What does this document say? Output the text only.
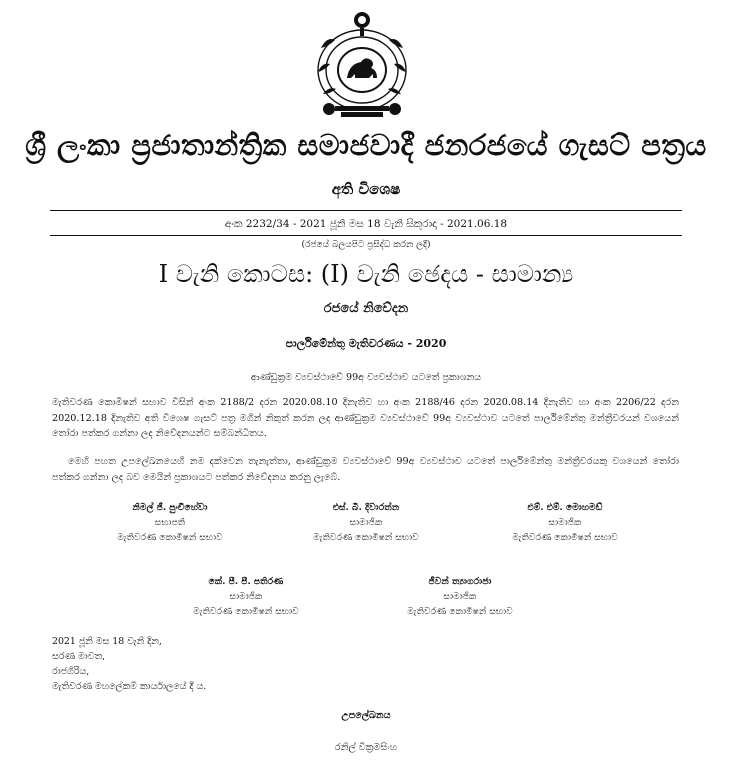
ශ්‍රී ලංකා ප්‍රජාතාන්ත්‍රික සමාජවාදී ජනරජයේ ගැසට් පත්‍රය
අති විශෙෂ
අංක 2232/34 - 2021 ජූනි මස 18 වැනි සිකුරාදා - 2021.06.18
(රජයේ බලයපිට ප්‍රසිද්ධ කරන ලදී)
I වැනි කොටස: (I) වැනි ඡෙදය - සාමාන්‍ය
රජයේ නිවේදන
පාර්ලිමේන්තු මැතිවරණය - 2020
ආණ්ඩුක්‍රම ව්‍යවස්ථාවේ 99අ ව්‍යවස්ථාව යටතේ ප්‍රකාශනය
මැතිවරණ කොමිෂන් සභාව විසින් අංක 2188/2 දරන 2020.08.10 දිනැතිව හා අංක 2188/46 දරන 2020.08.14 දිනැතිව හා අංක 2206/22 දරන 2020.12.18 දිනැතිව අති විශෙෂ ගැසට් පත්‍ර මගින් නිකුත් කරන ලද ආණ්ඩුක්‍රම ව්‍යවස්ථාවේ 99අ ව්‍යවස්ථාව යටතේ පාර්ලිමේන්තු මන්ත්‍රීවරයන් වශයෙන් තෝරා පත්කර ගන්නා ලද නිවේදනයන්ට සම්බන්ධිතය.
මෙහි පහත උපලේඛනයෙහි නම දක්වෙන තැනැත්තා, ආණ්ඩුක්‍රම ව්‍යවස්ථාවේ 99අ ව්‍යවස්ථාව යටතේ පාර්ලිමේන්තු මන්ත්‍රීවරයකු වශයෙන් තෝරා පත්කර ගන්නා ලද බව මෙයින් ප්‍රකාශයට පත්කර නිවේදනය කරනු ලැබේ.
නිමල් ජී. පුංචිහේවා
සභාපති
මැතිවරණ කොමිෂන් සභාව
එස්. බී. දිවාරත්න
සාමාජික
මැතිවරණ කොමිෂන් සභාව
එම්. එම්. මොහමඩ්
සාමාජික
මැතිවරණ කොමිෂන් සභාව
කේ. පී. පී. පතිරණ
සාමාජික
මැතිවරණ කොමිෂන් සභාව
ජීවන් ත්‍යාගරාජා
සාමාජික
මැතිවරණ කොමිෂන් සභාව
2021 ජූනි මස 18 වැනි දින,
සරණ මාවත,
රාජගිරිය,
මැතිවරණ මහලේකම් කාර්යාලයේ දී ය.
උපලේඛනය
රනිල් වික්‍රමසිංහ
